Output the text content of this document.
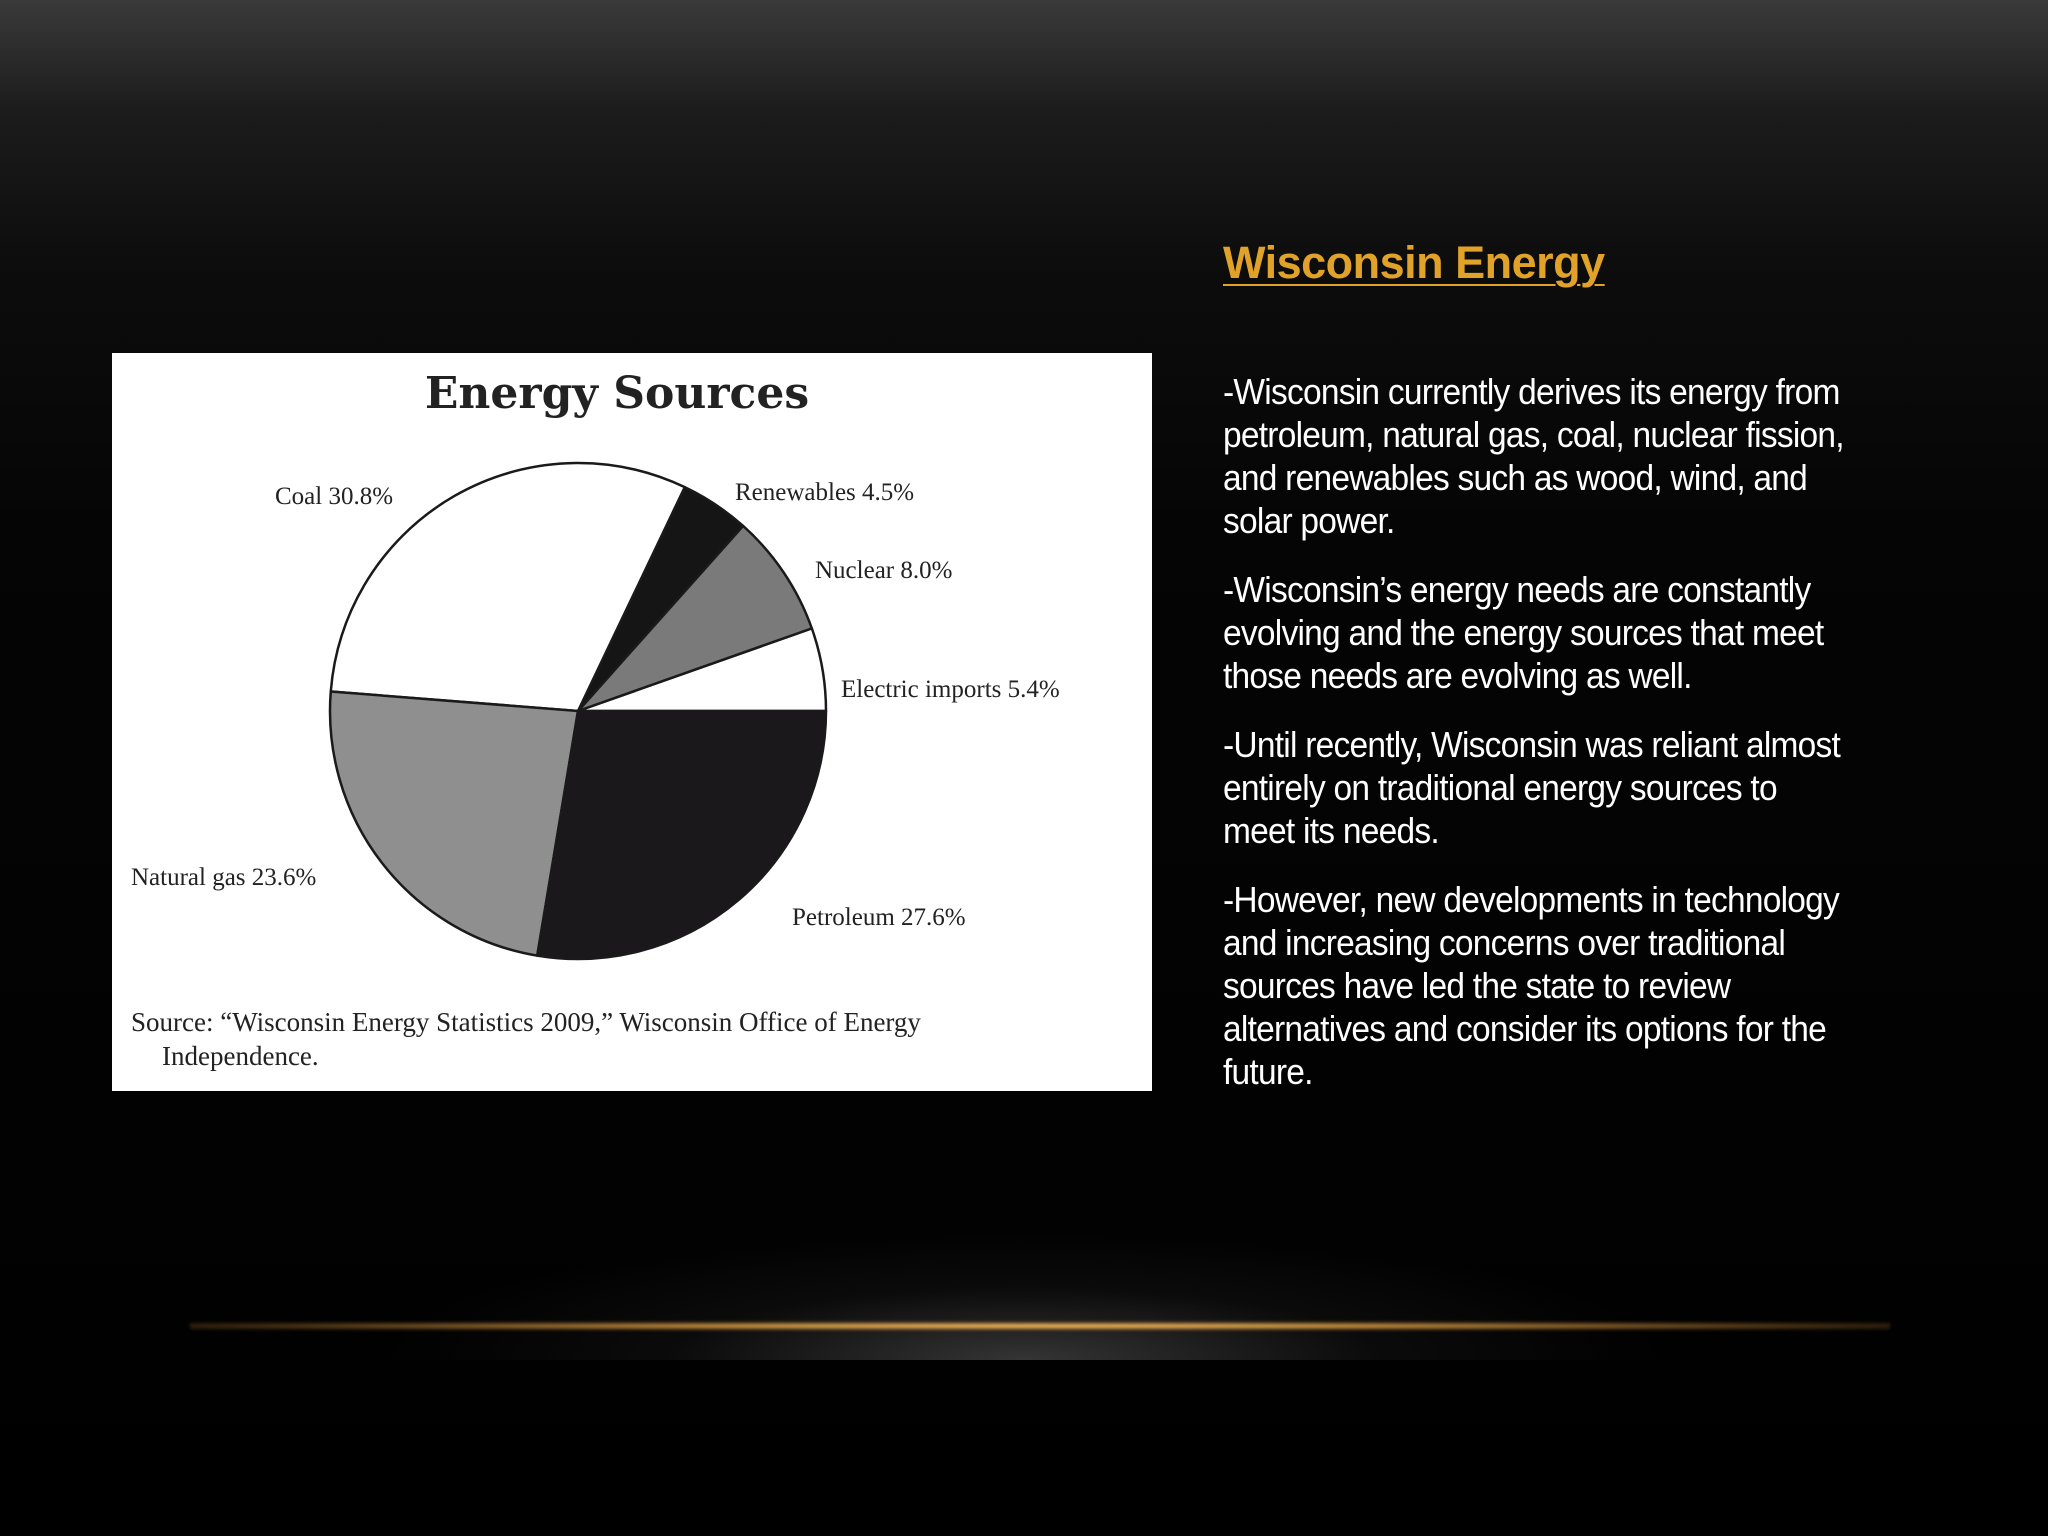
Energy Sources
Coal 30.8%	Renewables 4.5%
Nuclear 8.0%
Electric imports 5.4%
Natural gas 23.6%
Petroleum 27.6%
Source: “Wisconsin Energy Statistics 2009,” Wisconsin Office of Energy
Independence.
Wisconsin Energy

-Wisconsin currently derives its energy from petroleum, natural gas, coal, nuclear fission, and renewables such as wood, wind, and solar power.

-Wisconsin’s energy needs are constantly evolving and the energy sources that meet those needs are evolving as well.

-Until recently, Wisconsin was reliant almost entirely on traditional energy sources to meet its needs.

-However, new developments in technology and increasing concerns over traditional sources have led the state to review alternatives and consider its options for the future.
